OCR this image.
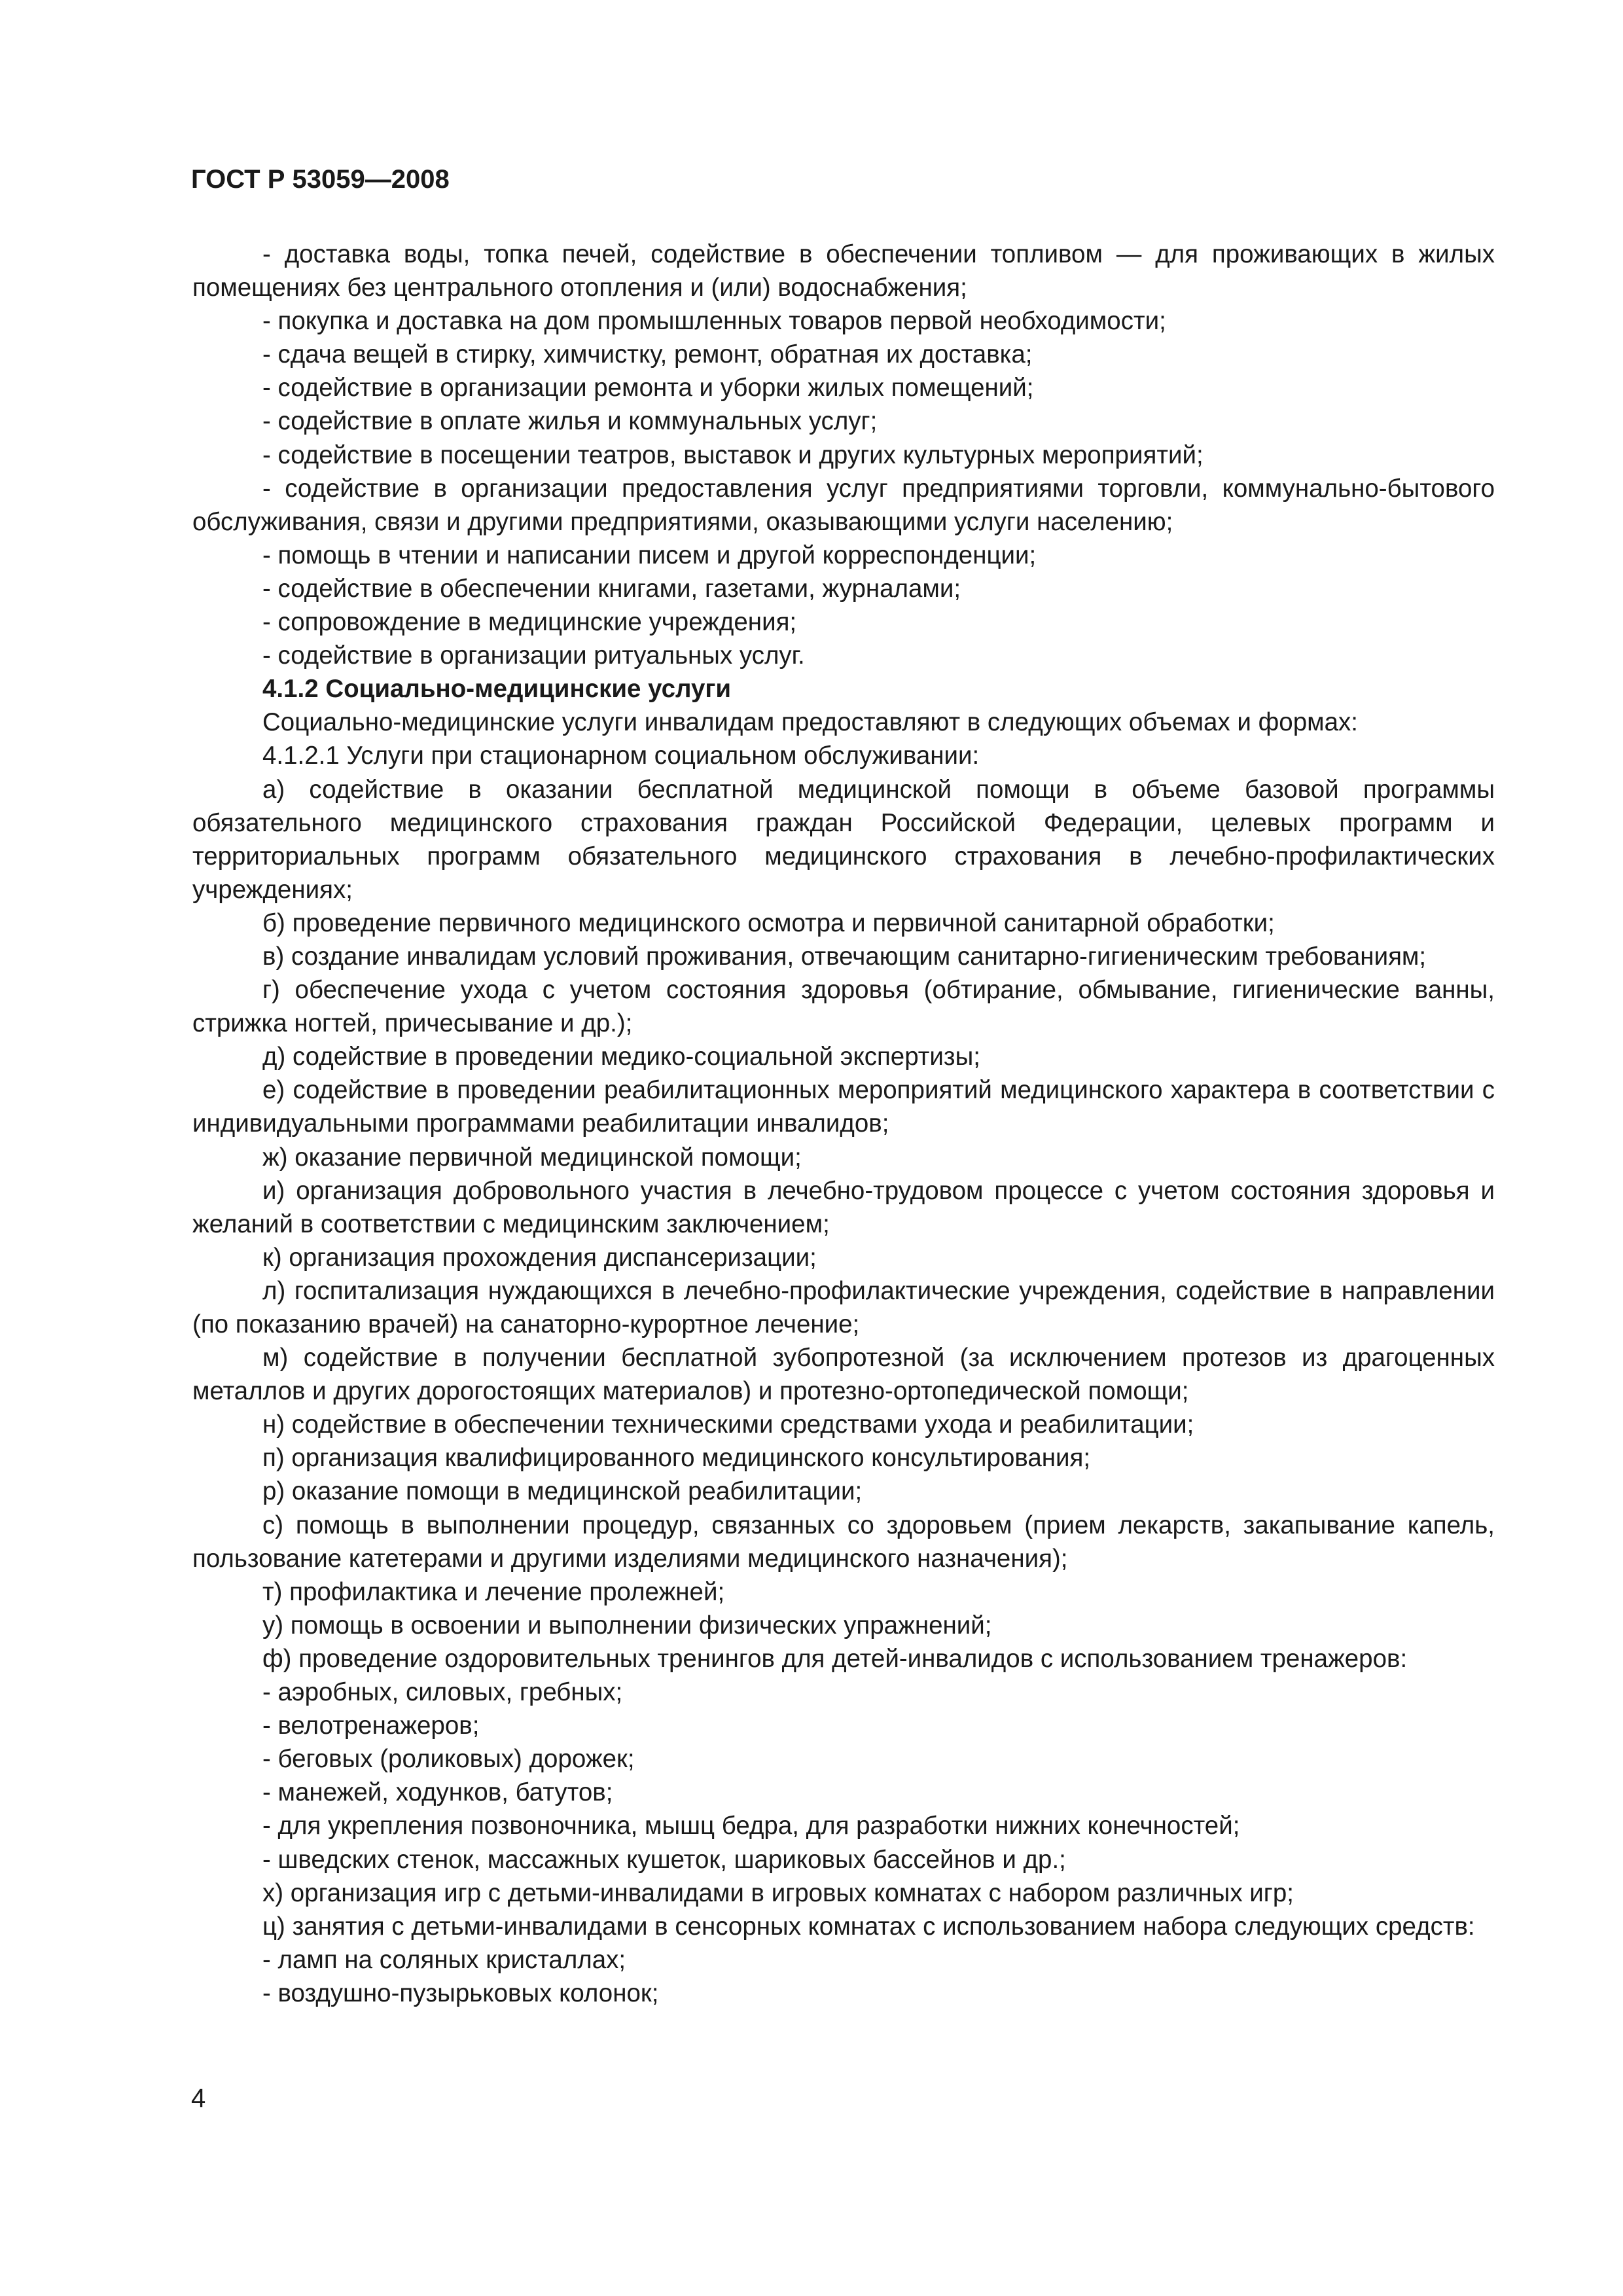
ГОСТ Р 53059—2008

- доставка воды, топка печей, содействие в обеспечении топливом — для проживающих в жилых помещениях без центрального отопления и (или) водоснабжения;

- покупка и доставка на дом промышленных товаров первой необходимости;

- сдача вещей в стирку, химчистку, ремонт, обратная их доставка;

- содействие в организации ремонта и уборки жилых помещений;

- содействие в оплате жилья и коммунальных услуг;

- содействие в посещении театров, выставок и других культурных мероприятий;

- содействие в организации предоставления услуг предприятиями торговли, коммунально-бытового обслуживания, связи и другими предприятиями, оказывающими услуги населению;

- помощь в чтении и написании писем и другой корреспонденции;

- содействие в обеспечении книгами, газетами, журналами;

- сопровождение в медицинские учреждения;

- содействие в организации ритуальных услуг.

4.1.2 Социально-медицинские услуги

Социально-медицинские услуги инвалидам предоставляют в следующих объемах и формах:

4.1.2.1 Услуги при стационарном социальном обслуживании:

а) содействие в оказании бесплатной медицинской помощи в объеме базовой программы обязательного медицинского страхования граждан Российской Федерации, целевых программ и территориальных программ обязательного медицинского страхования в лечебно-профилактических учреждениях;

б) проведение первичного медицинского осмотра и первичной санитарной обработки;

в) создание инвалидам условий проживания, отвечающим санитарно-гигиеническим требованиям;

г) обеспечение ухода с учетом состояния здоровья (обтирание, обмывание, гигиенические ванны, стрижка ногтей, причесывание и др.);

д) содействие в проведении медико-социальной экспертизы;

е) содействие в проведении реабилитационных мероприятий медицинского характера в соответствии с индивидуальными программами реабилитации инвалидов;

ж) оказание первичной медицинской помощи;

и) организация добровольного участия в лечебно-трудовом процессе с учетом состояния здоровья и желаний в соответствии с медицинским заключением;

к) организация прохождения диспансеризации;

л) госпитализация нуждающихся в лечебно-профилактические учреждения, содействие в направлении (по показанию врачей) на санаторно-курортное лечение;

м) содействие в получении бесплатной зубопротезной (за исключением протезов из драгоценных металлов и других дорогостоящих материалов) и протезно-ортопедической помощи;

н) содействие в обеспечении техническими средствами ухода и реабилитации;

п) организация квалифицированного медицинского консультирования;

р) оказание помощи в медицинской реабилитации;

с) помощь в выполнении процедур, связанных со здоровьем (прием лекарств, закапывание капель, пользование катетерами и другими изделиями медицинского назначения);

т) профилактика и лечение пролежней;

у) помощь в освоении и выполнении физических упражнений;

ф) проведение оздоровительных тренингов для детей-инвалидов с использованием тренажеров:

- аэробных, силовых, гребных;

- велотренажеров;

- беговых (роликовых) дорожек;

- манежей, ходунков, батутов;

- для укрепления позвоночника, мышц бедра, для разработки нижних конечностей;

- шведских стенок, массажных кушеток, шариковых бассейнов и др.;

х) организация игр с детьми-инвалидами в игровых комнатах с набором различных игр;

ц) занятия с детьми-инвалидами в сенсорных комнатах с использованием набора следующих средств:

- ламп на соляных кристаллах;

- воздушно-пузырьковых колонок;

4
